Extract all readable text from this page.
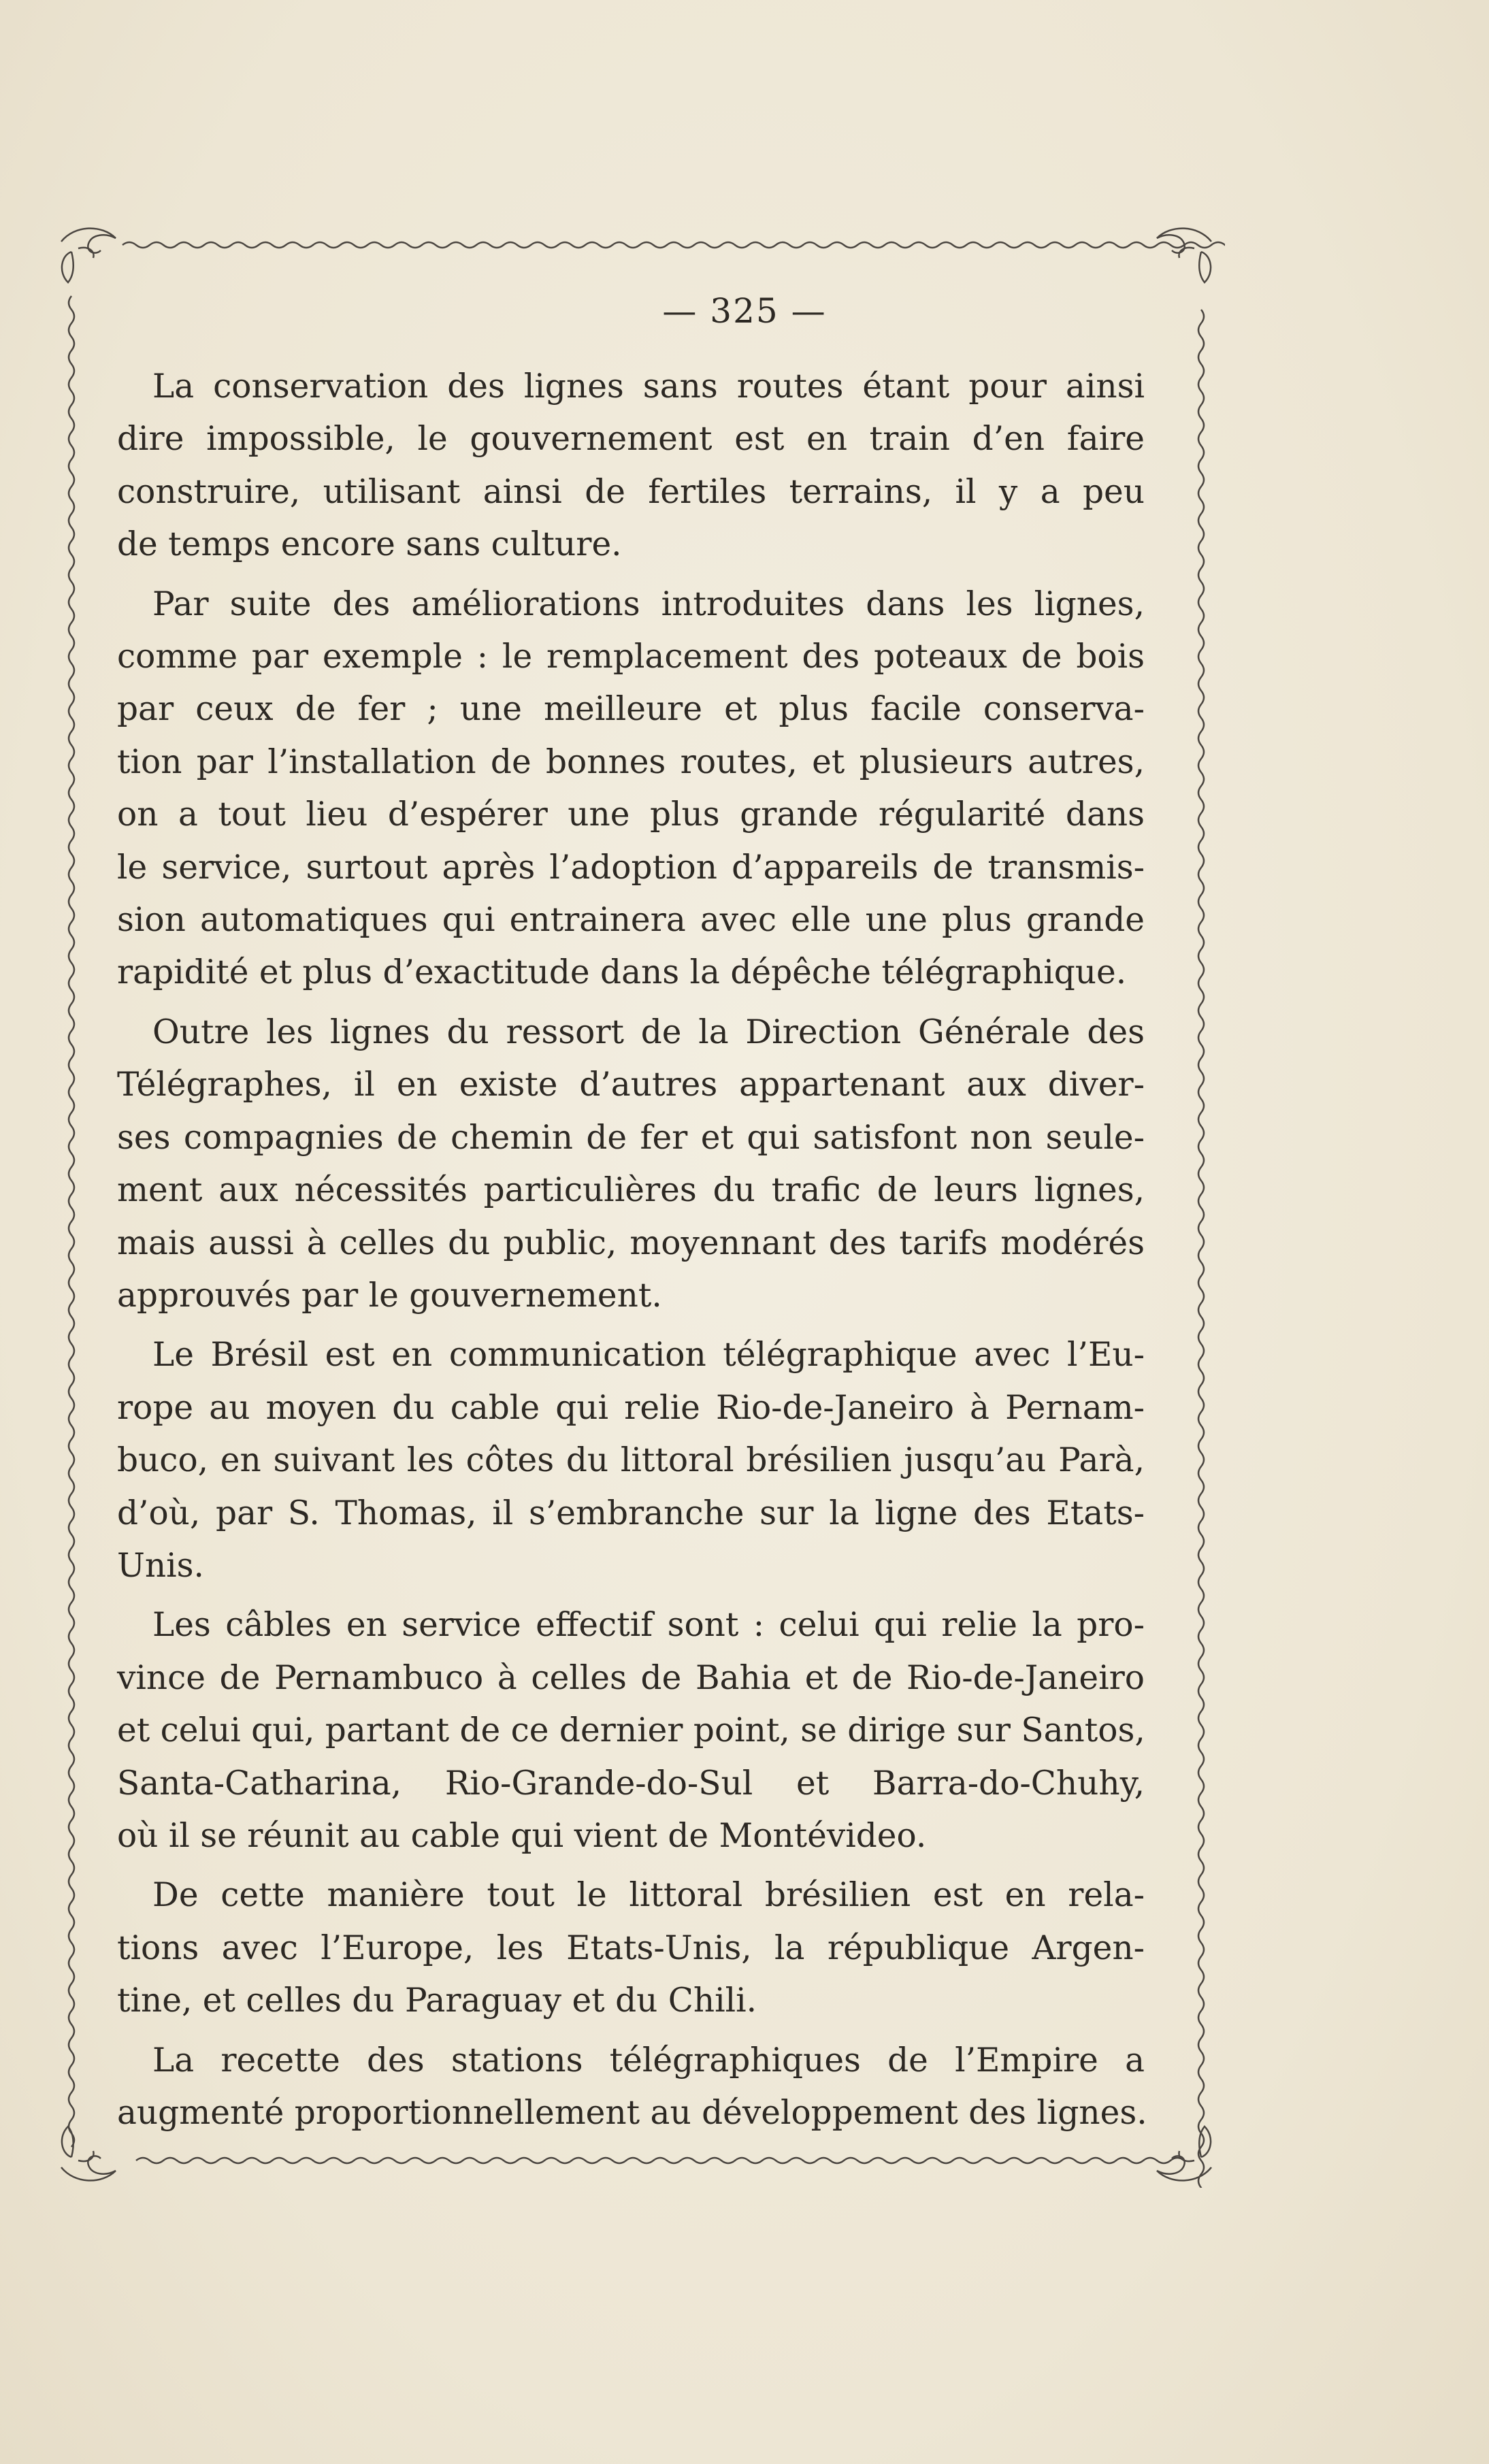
— 325 —

La conservation des lignes sans routes étant pour ainsi
dire impossible, le gouvernement est en train d’en faire
construire, utilisant ainsi de fertiles terrains, il y a peu
de temps encore sans culture.

Par suite des améliorations introduites dans les lignes,
comme par exemple : le remplacement des poteaux de bois
par ceux de fer ; une meilleure et plus facile conserva-
tion par l’installation de bonnes routes, et plusieurs autres,
on a tout lieu d’espérer une plus grande régularité dans
le service, surtout après l’adoption d’appareils de transmis-
sion automatiques qui entrainera avec elle une plus grande
rapidité et plus d’exactitude dans la dépêche télégraphique.

Outre les lignes du ressort de la Direction Générale des
Télégraphes, il en existe d’autres appartenant aux diver-
ses compagnies de chemin de fer et qui satisfont non seule-
ment aux nécessités particulières du trafic de leurs lignes,
mais aussi à celles du public, moyennant des tarifs modérés
approuvés par le gouvernement.

Le Brésil est en communication télégraphique avec l’Eu-
rope au moyen du cable qui relie Rio-de-Janeiro à Pernam-
buco, en suivant les côtes du littoral brésilien jusqu’au Parà,
d’où, par S. Thomas, il s’embranche sur la ligne des Etats-
Unis.

Les câbles en service effectif sont : celui qui relie la pro-
vince de Pernambuco à celles de Bahia et de Rio-de-Janeiro
et celui qui, partant de ce dernier point, se dirige sur Santos,
Santa-Catharina, Rio-Grande-do-Sul et Barra-do-Chuhy,
où il se réunit au cable qui vient de Montévideo.

De cette manière tout le littoral brésilien est en rela-
tions avec l’Europe, les Etats-Unis, la république Argen-
tine, et celles du Paraguay et du Chili.

La recette des stations télégraphiques de l’Empire a
augmenté proportionnellement au développement des lignes.
